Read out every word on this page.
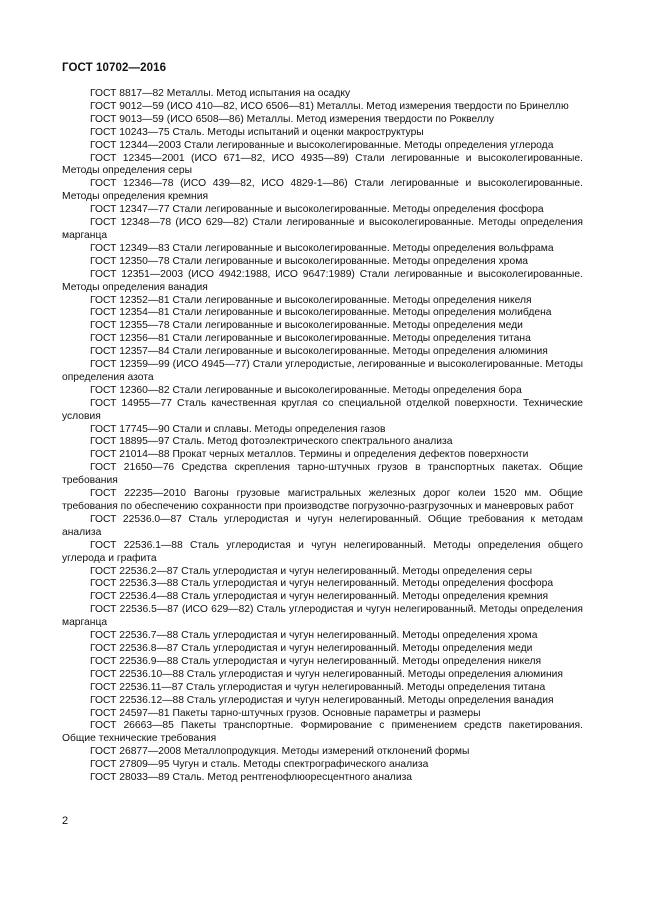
ГОСТ 10702—2016

ГОСТ 8817—82 Металлы. Метод испытания на осадку

ГОСТ 9012—59 (ИСО 410—82, ИСО 6506—81) Металлы. Метод измерения твердости по Бринеллю

ГОСТ 9013—59 (ИСО 6508—86) Металлы. Метод измерения твердости по Роквеллу

ГОСТ 10243—75 Сталь. Методы испытаний и оценки макроструктуры

ГОСТ 12344—2003 Стали легированные и высоколегированные. Методы определения углерода

ГОСТ 12345—2001 (ИСО 671—82, ИСО 4935—89) Стали легированные и высоколегированные. Методы определения серы

ГОСТ 12346—78 (ИСО 439—82, ИСО 4829-1—86) Стали легированные и высоколегированные. Методы определения кремния

ГОСТ 12347—77 Стали легированные и высоколегированные. Методы определения фосфора

ГОСТ 12348—78 (ИСО 629—82) Стали легированные и высоколегированные. Методы определения марганца

ГОСТ 12349—83 Стали легированные и высоколегированные. Методы определения вольфрама

ГОСТ 12350—78 Стали легированные и высоколегированные. Методы определения хрома

ГОСТ 12351—2003 (ИСО 4942:1988, ИСО 9647:1989) Стали легированные и высоколегированные. Методы определения ванадия

ГОСТ 12352—81 Стали легированные и высоколегированные. Методы определения никеля

ГОСТ 12354—81 Стали легированные и высоколегированные. Методы определения молибдена

ГОСТ 12355—78 Стали легированные и высоколегированные. Методы определения меди

ГОСТ 12356—81 Стали легированные и высоколегированные. Методы определения титана

ГОСТ 12357—84 Стали легированные и высоколегированные. Методы определения алюминия

ГОСТ 12359—99 (ИСО 4945—77) Стали углеродистые, легированные и высоколегированные. Методы определения азота

ГОСТ 12360—82 Стали легированные и высоколегированные. Методы определения бора

ГОСТ 14955—77 Сталь качественная круглая со специальной отделкой поверхности. Технические условия

ГОСТ 17745—90 Стали и сплавы. Методы определения газов

ГОСТ 18895—97 Сталь. Метод фотоэлектрического спектрального анализа

ГОСТ 21014—88 Прокат черных металлов. Термины и определения дефектов поверхности

ГОСТ 21650—76 Средства скрепления тарно-штучных грузов в транспортных пакетах. Общие требования

ГОСТ 22235—2010 Вагоны грузовые магистральных железных дорог колеи 1520 мм. Общие требования по обеспечению сохранности при производстве погрузочно-разгрузочных и маневровых работ

ГОСТ 22536.0—87 Сталь углеродистая и чугун нелегированный. Общие требования к методам анализа

ГОСТ 22536.1—88 Сталь углеродистая и чугун нелегированный. Методы определения общего углерода и графита

ГОСТ 22536.2—87 Сталь углеродистая и чугун нелегированный. Методы определения серы

ГОСТ 22536.3—88 Сталь углеродистая и чугун нелегированный. Методы определения фосфора

ГОСТ 22536.4—88 Сталь углеродистая и чугун нелегированный. Методы определения кремния

ГОСТ 22536.5—87 (ИСО 629—82) Сталь углеродистая и чугун нелегированный. Методы определения марганца

ГОСТ 22536.7—88 Сталь углеродистая и чугун нелегированный. Методы определения хрома

ГОСТ 22536.8—87 Сталь углеродистая и чугун нелегированный. Методы определения меди

ГОСТ 22536.9—88 Сталь углеродистая и чугун нелегированный. Методы определения никеля

ГОСТ 22536.10—88 Сталь углеродистая и чугун нелегированный. Методы определения алюминия

ГОСТ 22536.11—87 Сталь углеродистая и чугун нелегированный. Методы определения титана

ГОСТ 22536.12—88 Сталь углеродистая и чугун нелегированный. Методы определения ванадия

ГОСТ 24597—81 Пакеты тарно-штучных грузов. Основные параметры и размеры

ГОСТ 26663—85 Пакеты транспортные. Формирование с применением средств пакетирования. Общие технические требования

ГОСТ 26877—2008 Металлопродукция. Методы измерений отклонений формы

ГОСТ 27809—95 Чугун и сталь. Методы спектрографического анализа

ГОСТ 28033—89 Сталь. Метод рентгенофлюоресцентного анализа

2
